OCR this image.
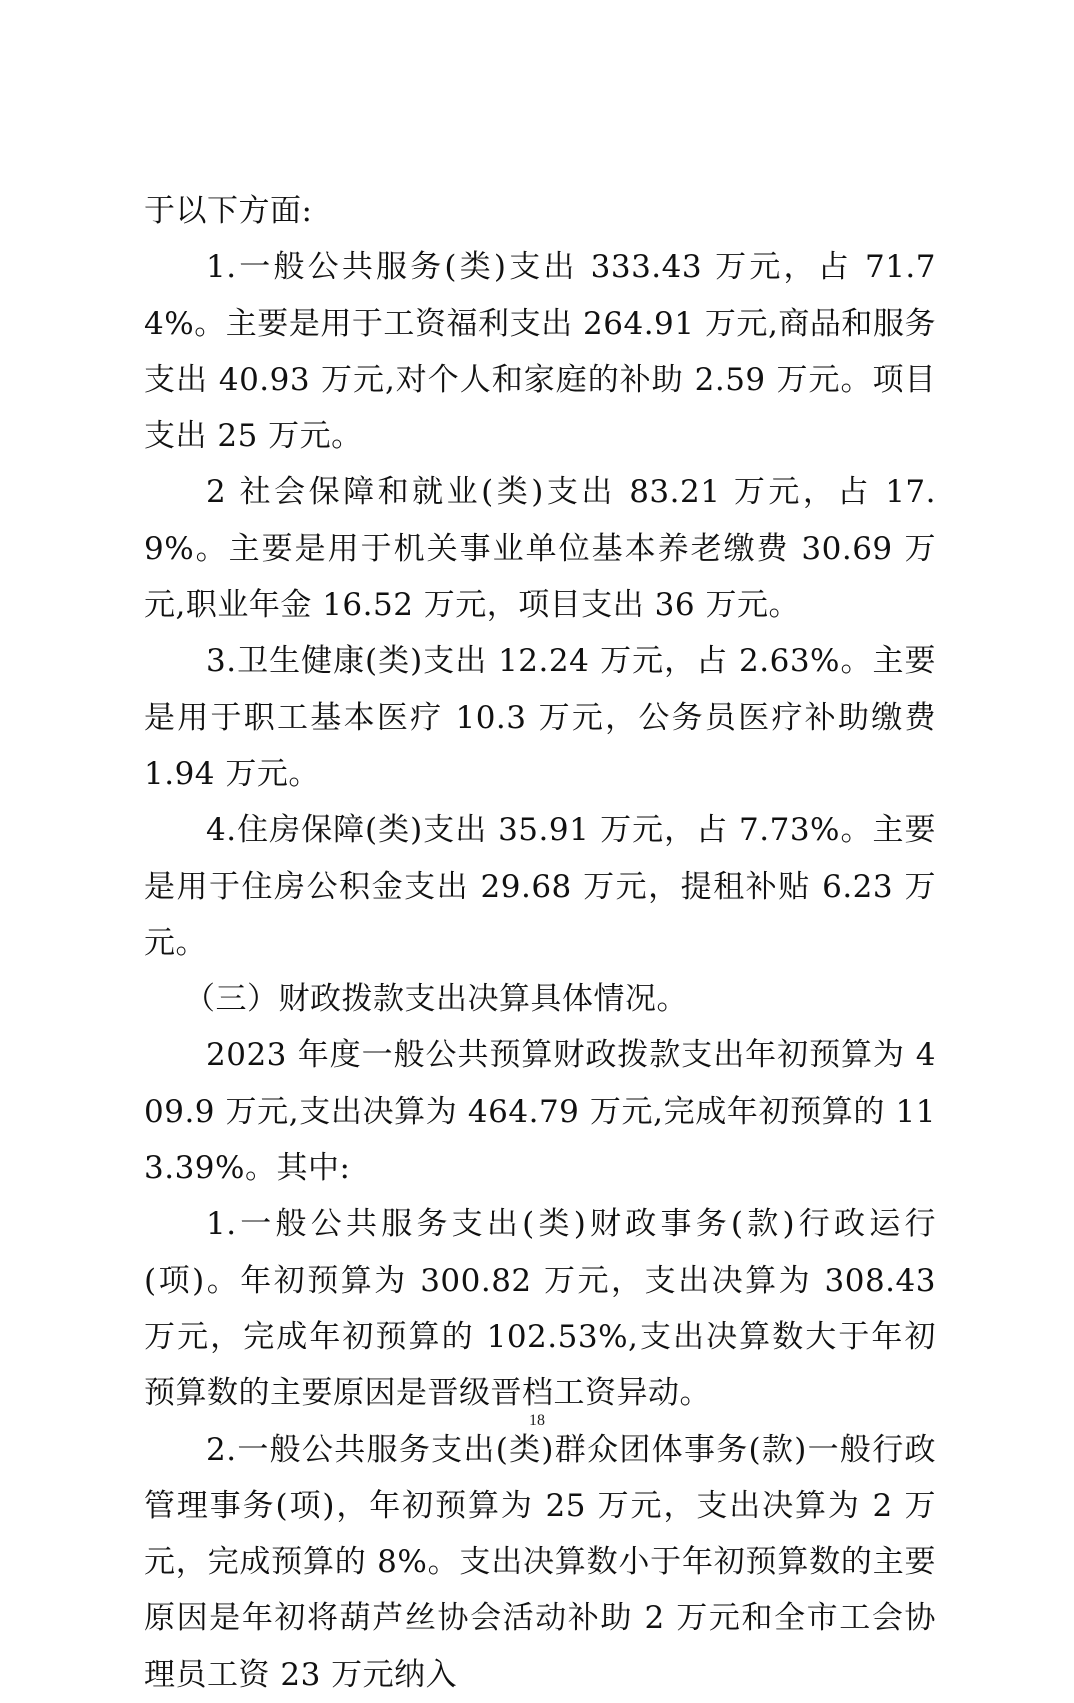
于以下方面:

1.一般公共服务(类)支出 333.43 万元，占 71.74%。主要是用于工资福利支出 264.91 万元,商品和服务支出 40.93 万元,对个人和家庭的补助 2.59 万元。项目支出 25 万元。

2 社会保障和就业(类)支出 83.21 万元，占 17.9%。主要是用于机关事业单位基本养老缴费 30.69 万元,职业年金 16.52 万元，项目支出 36 万元。

3.卫生健康(类)支出 12.24 万元，占 2.63%。主要是用于职工基本医疗 10.3 万元，公务员医疗补助缴费 1.94 万元。

4.住房保障(类)支出 35.91 万元，占 7.73%。主要是用于住房公积金支出 29.68 万元，提租补贴 6.23 万元。

（三）财政拨款支出决算具体情况。

2023 年度一般公共预算财政拨款支出年初预算为 409.9 万元,支出决算为 464.79 万元,完成年初预算的 113.39%。其中:

1.一般公共服务支出(类)财政事务(款)行政运行(项)。年初预算为 300.82 万元，支出决算为 308.43 万元，完成年初预算的 102.53%,支出决算数大于年初预算数的主要原因是晋级晋档工资异动。

2.一般公共服务支出(类)群众团体事务(款)一般行政管理事务(项)，年初预算为 25 万元，支出决算为 2 万元，完成预算的 8%。支出决算数小于年初预算数的主要原因是年初将葫芦丝协会活动补助 2 万元和全市工会协理员工资 23 万元纳入

18
